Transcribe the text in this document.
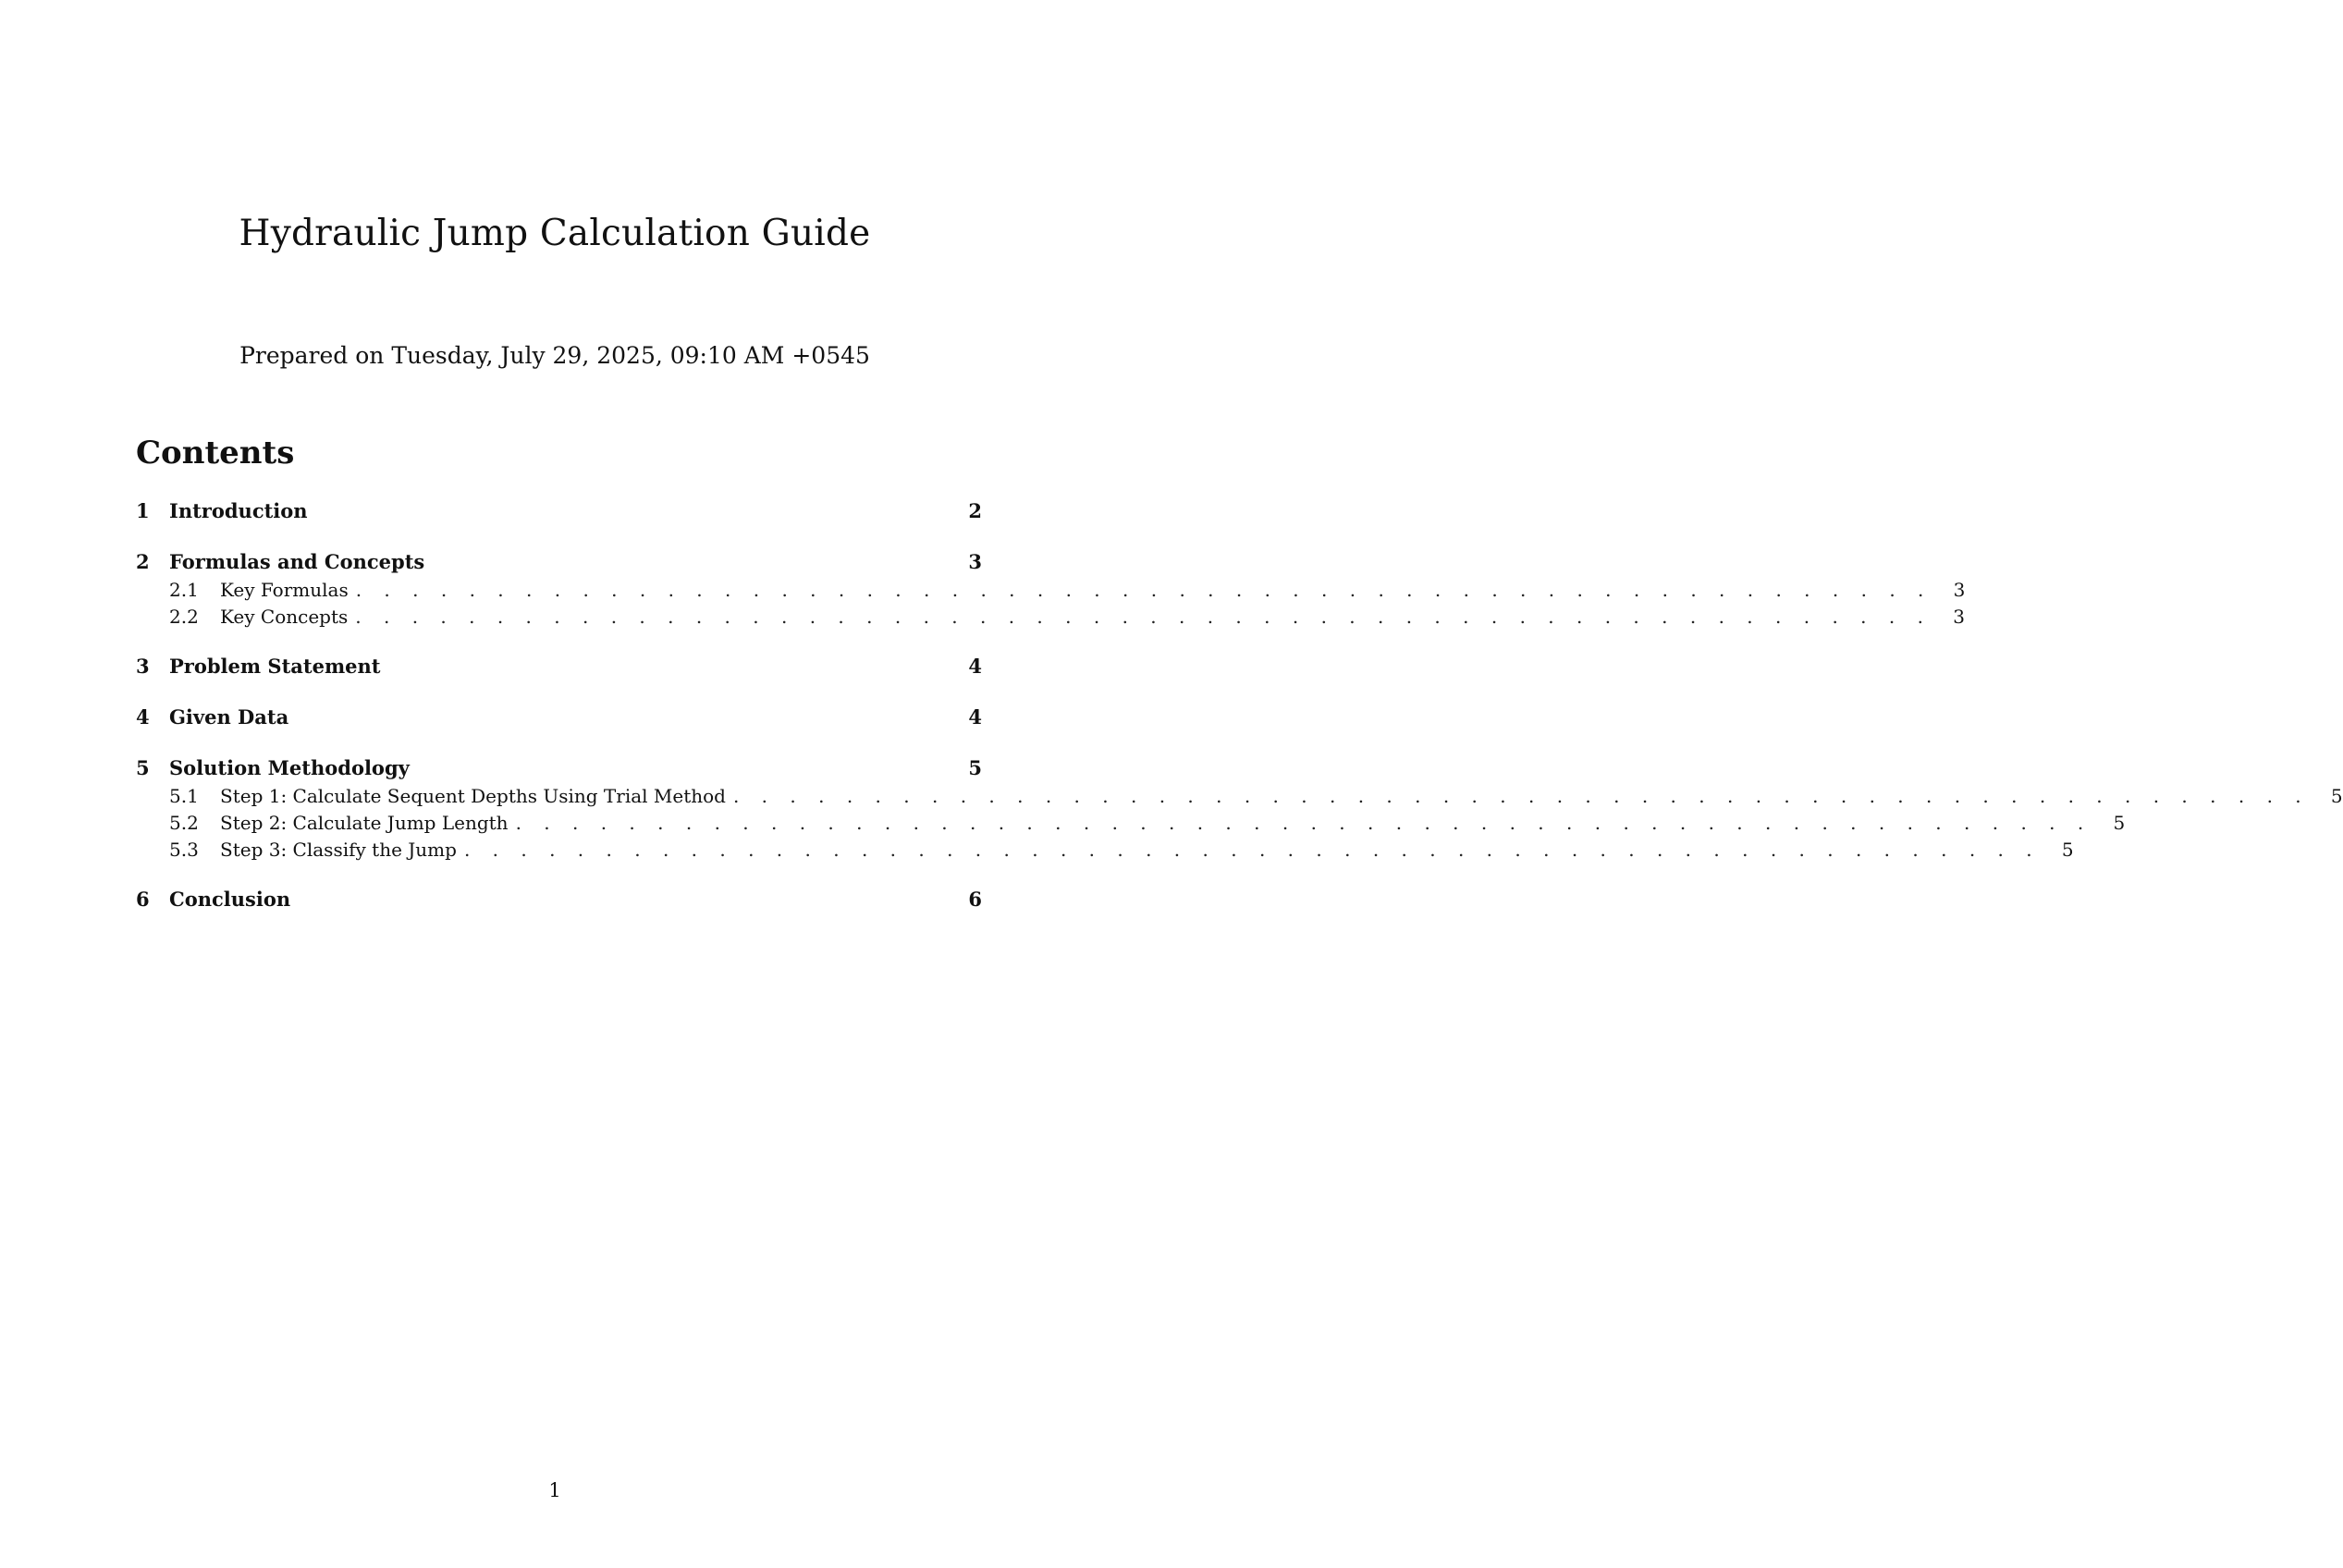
Hydraulic Jump Calculation Guide

Prepared on Tuesday, July 29, 2025, 09:10 AM +0545

Contents
1	Introduction	2
2	Formulas and Concepts	3
2.1	Key Formulas . . . . . . . . . . . . . . . . . . . . . . . . . . . . . . . . . . . . . . . . . . . . . . . . . . . . . . . .	3
2.2	Key Concepts . . . . . . . . . . . . . . . . . . . . . . . . . . . . . . . . . . . . . . . . . . . . . . . . . . . . . . . .	3
3	Problem Statement	4
4	Given Data	4
5	Solution Methodology	5
5.1	Step 1: Calculate Sequent Depths Using Trial Method . . . . . . . . . . . . . . . . . . . . . . . . . . . . . . . . . . . . . . . . . . . . . . . . . . . . . . . .	5
5.2	Step 2: Calculate Jump Length . . . . . . . . . . . . . . . . . . . . . . . . . . . . . . . . . . . . . . . . . . . . . . . . . . . . . . . .	5
5.3	Step 3: Classify the Jump . . . . . . . . . . . . . . . . . . . . . . . . . . . . . . . . . . . . . . . . . . . . . . . . . . . . . . . .	5
6	Conclusion	6
1
